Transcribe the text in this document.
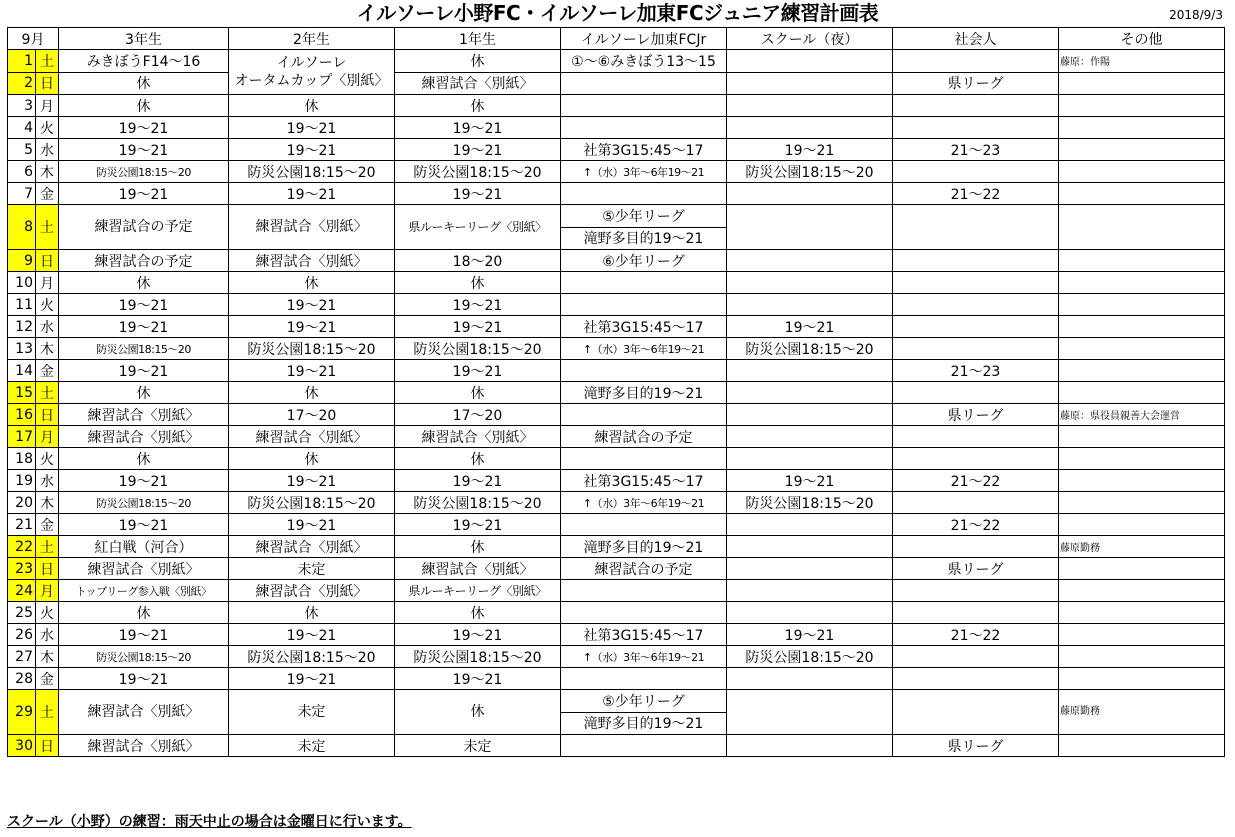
イルソーレ小野FC・イルソーレ加東FCジュニア練習計画表	2018/9/3
9月		3年生	2年生	1年生	イルソーレ加東FCJr	スクール（夜）	社会人	その他
1	土	みきぼうF14～16	イルソーレ
オータムカップ〈別紙〉	休	①～⑥みきぼう13～15			藤原：作陽
2	日	休		練習試合〈別紙〉			県リーグ	
3	月	休	休	休				
4	火	19～21	19～21	19～21				
5	水	19～21	19～21	19～21	社第3G15:45～17	19～21	21～23	
6	木	防災公園18:15～20	防災公園18:15～20	防災公園18:15～20	↑（水）3年～6年19～21	防災公園18:15～20		
7	金	19～21	19～21	19～21			21～22	
8	土	練習試合の予定	練習試合〈別紙〉	県ルーキーリーグ〈別紙〉	⑤少年リーグ
滝野多目的19～21			

9	日	練習試合の予定	練習試合〈別紙〉	18～20	⑥少年リーグ			
10	月	休	休	休				
11	火	19～21	19～21	19～21				
12	水	19～21	19～21	19～21	社第3G15:45～17	19～21		
13	木	防災公園18:15～20	防災公園18:15～20	防災公園18:15～20	↑（水）3年～6年19～21	防災公園18:15～20		
14	金	19～21	19～21	19～21			21～23	
15	土	休	休	休	滝野多目的19～21			
16	日	練習試合〈別紙〉	17～20	17～20			県リーグ	藤原：県役員親善大会運営
17	月	練習試合〈別紙〉	練習試合〈別紙〉	練習試合〈別紙〉	練習試合の予定			
18	火	休	休	休				
19	水	19～21	19～21	19～21	社第3G15:45～17	19～21	21～22	
20	木	防災公園18:15～20	防災公園18:15～20	防災公園18:15～20	↑（水）3年～6年19～21	防災公園18:15～20		
21	金	19～21	19～21	19～21			21～22	
22	土	紅白戦（河合）	練習試合〈別紙〉	休	滝野多目的19～21			藤原勤務
23	日	練習試合〈別紙〉	未定	練習試合〈別紙〉	練習試合の予定		県リーグ	
24	月	トップリーグ参入戦〈別紙〉	練習試合〈別紙〉	県ルーキーリーグ〈別紙〉				
25	火	休	休	休				
26	水	19～21	19～21	19～21	社第3G15:45～17	19～21	21～22	
27	木	防災公園18:15～20	防災公園18:15～20	防災公園18:15～20	↑（水）3年～6年19～21	防災公園18:15～20		
28	金	19～21	19～21	19～21				
29	土	練習試合〈別紙〉	未定	休	⑤少年リーグ
滝野多目的19～21			藤原勤務
30	日	練習試合〈別紙〉	未定	未定			県リーグ	
スクール（小野）の練習：雨天中止の場合は金曜日に行います。
